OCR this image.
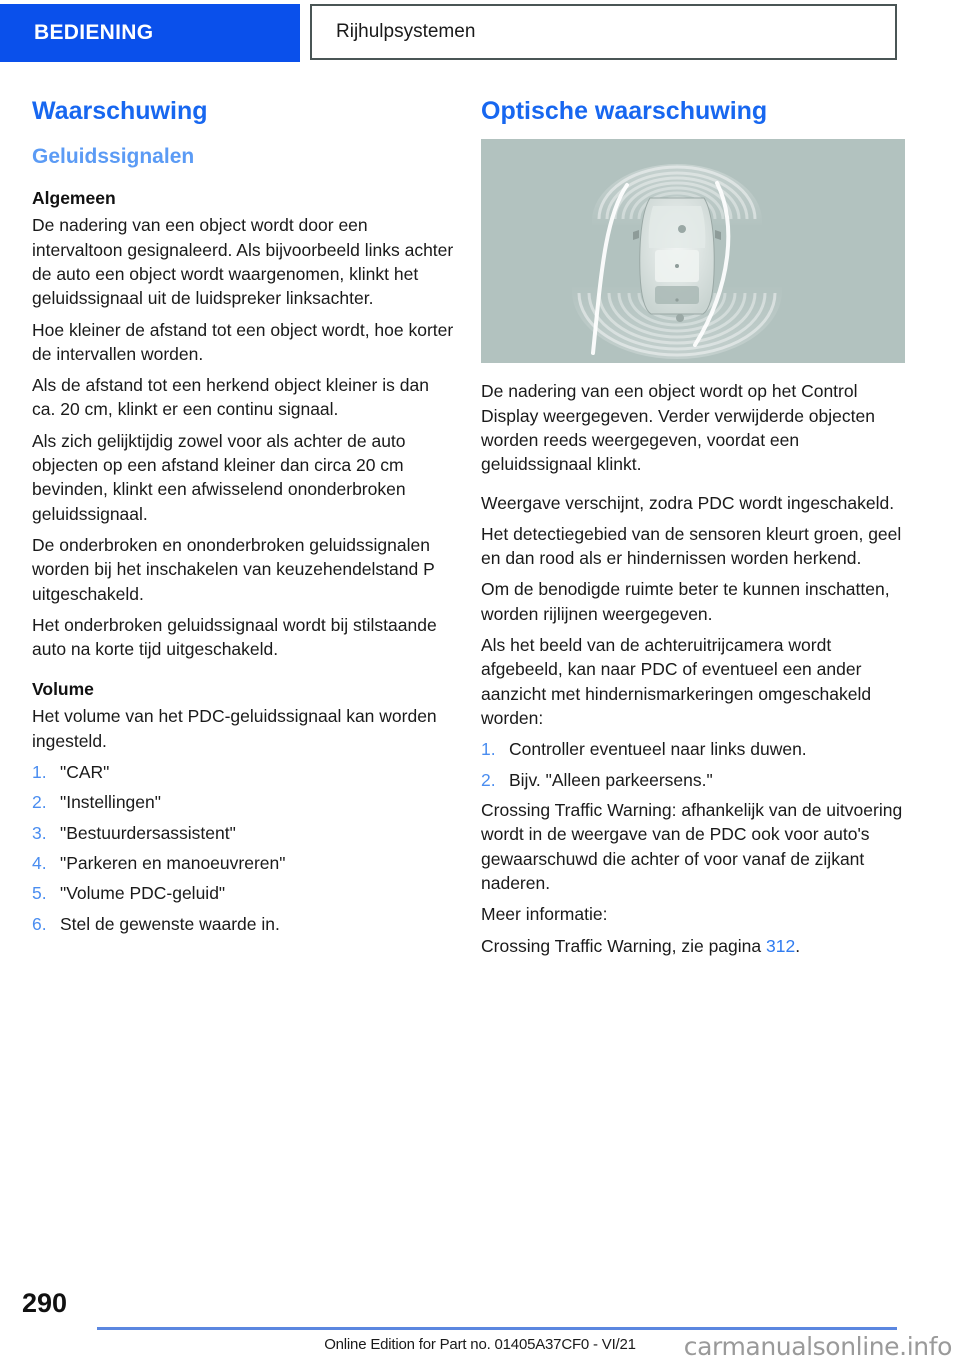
BEDIENING	Rijhulpsystemen
Waarschuwing
Geluidssignalen
Algemeen

De nadering van een object wordt door een intervaltoon gesignaleerd. Als bijvoorbeeld links achter de auto een object wordt waargenomen, klinkt het geluidssignaal uit de luidspreker linksachter.

Hoe kleiner de afstand tot een object wordt, hoe korter de intervallen worden.

Als de afstand tot een herkend object kleiner is dan ca. 20 cm, klinkt er een continu signaal.

Als zich gelijktijdig zowel voor als achter de auto objecten op een afstand kleiner dan circa 20 cm bevinden, klinkt een afwisselend ononderbroken geluidssignaal.

De onderbroken en ononderbroken geluidssignalen worden bij het inschakelen van keuzehendelstand P uitgeschakeld.

Het onderbroken geluidssignaal wordt bij stilstaande auto na korte tijd uitgeschakeld.

Volume

Het volume van het PDC-geluidssignaal kan worden ingesteld.

1. "CAR"
2. "Instellingen"
3. "Bestuurdersassistent"
4. "Parkeren en manoeuvreren"
5. "Volume PDC-geluid"
6. Stel de gewenste waarde in.
Optische waarschuwing

De nadering van een object wordt op het Control Display weergegeven. Verder verwijderde objecten worden reeds weergegeven, voordat een geluidssignaal klinkt.

Weergave verschijnt, zodra PDC wordt ingeschakeld.

Het detectiegebied van de sensoren kleurt groen, geel en dan rood als er hindernissen worden herkend.

Om de benodigde ruimte beter te kunnen inschatten, worden rijlijnen weergegeven.

Als het beeld van de achteruitrijcamera wordt afgebeeld, kan naar PDC of eventueel een ander aanzicht met hindernismarkeringen omgeschakeld worden:

1. Controller eventueel naar links duwen.
2. Bijv. "Alleen parkeersens."

Crossing Traffic Warning: afhankelijk van de uitvoering wordt in de weergave van de PDC ook voor auto's gewaarschuwd die achter of voor vanaf de zijkant naderen.

Meer informatie:

Crossing Traffic Warning, zie pagina 312.

290
Online Edition for Part no. 01405A37CF0 - VI/21	carmanualsonline.info
